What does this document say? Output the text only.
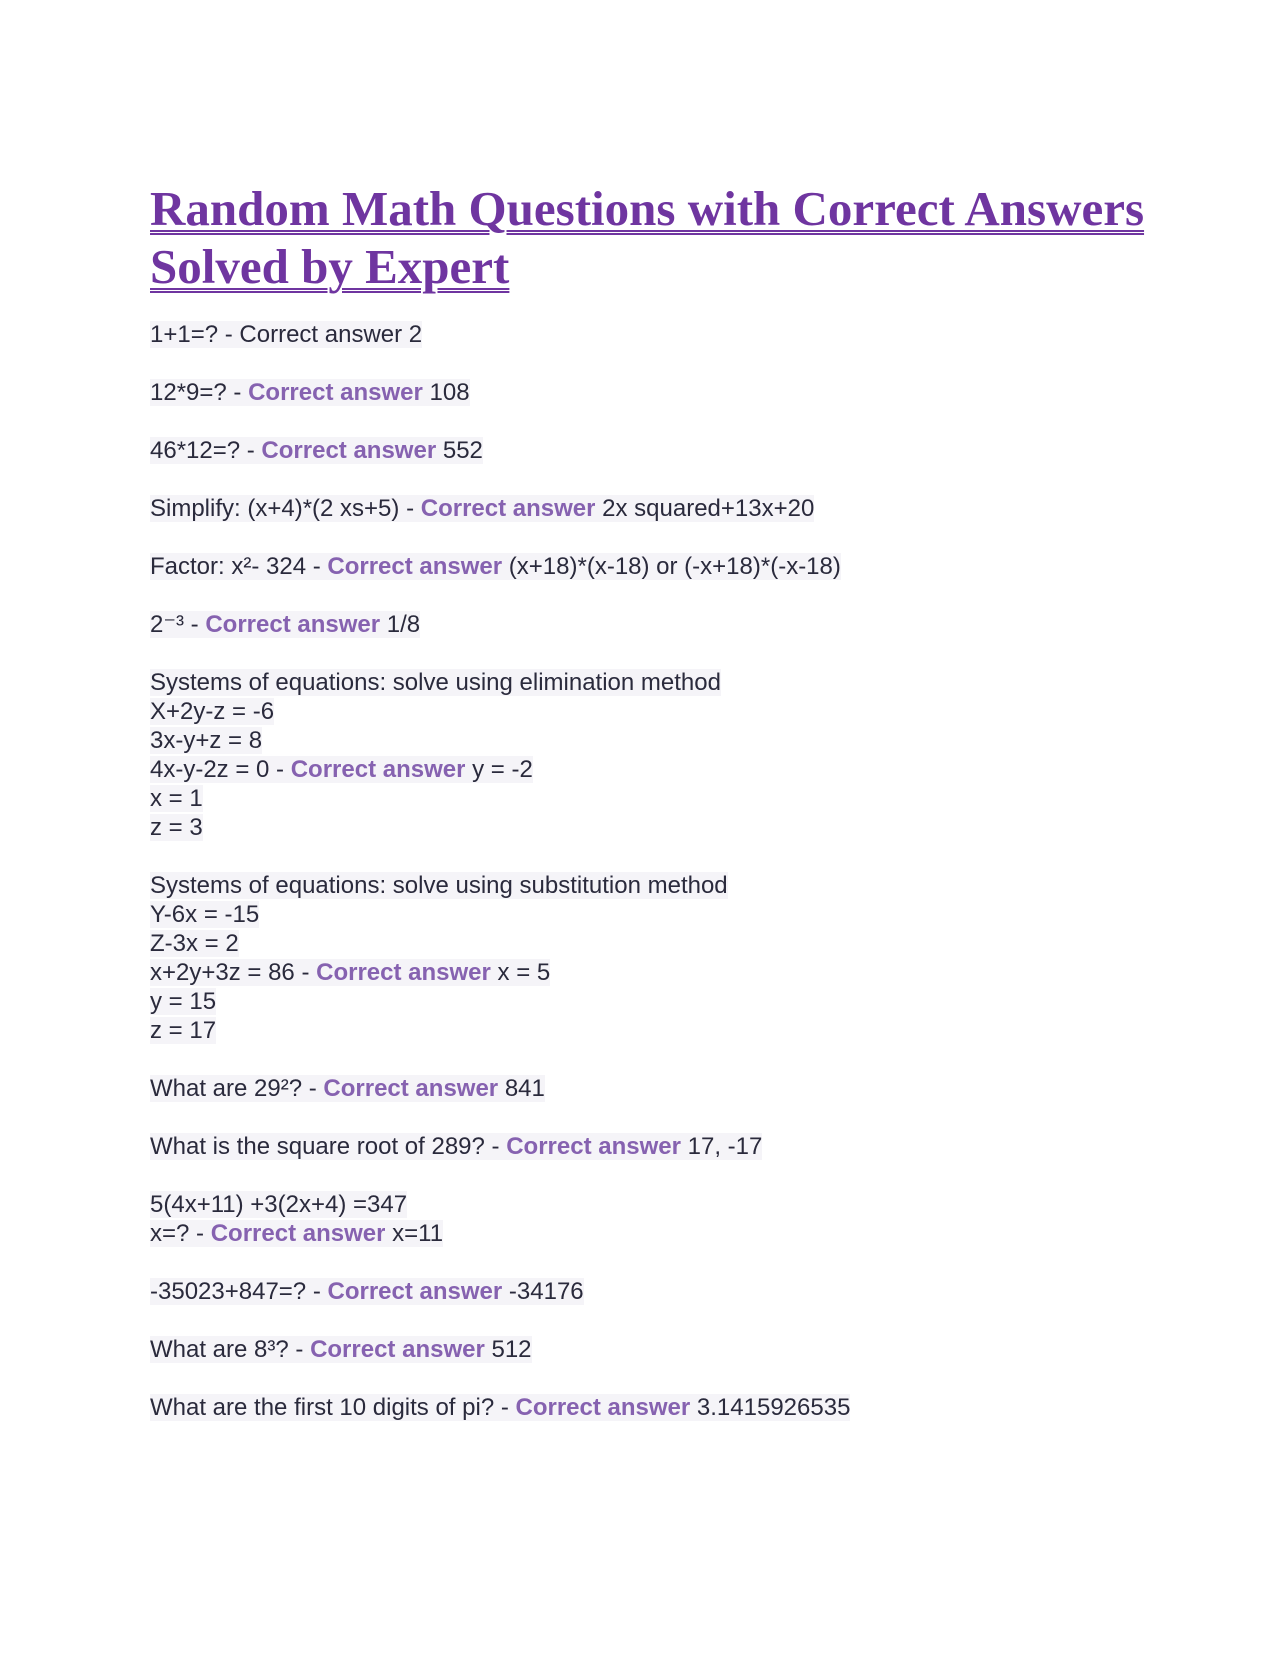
Random Math Questions with Correct Answers Solved by Expert
1+1=? - Correct answer 2
12*9=? - Correct answer 108
46*12=? - Correct answer 552
Simplify: (x+4)*(2 xs+5) - Correct answer 2x squared+13x+20
Factor: x²- 324 - Correct answer (x+18)*(x-18) or (-x+18)*(-x-18)
2⁻³ - Correct answer 1/8
Systems of equations: solve using elimination method
X+2y-z = -6
3x-y+z = 8
4x-y-2z = 0 - Correct answer y = -2
x = 1
z = 3
Systems of equations: solve using substitution method
Y-6x = -15
Z-3x = 2
x+2y+3z = 86 - Correct answer x = 5
y = 15
z = 17
What are 29²? - Correct answer 841
What is the square root of 289? - Correct answer 17, -17
5(4x+11) +3(2x+4) =347
x=? - Correct answer x=11
-35023+847=? - Correct answer -34176
What are 8³? - Correct answer 512
What are the first 10 digits of pi? - Correct answer 3.1415926535
